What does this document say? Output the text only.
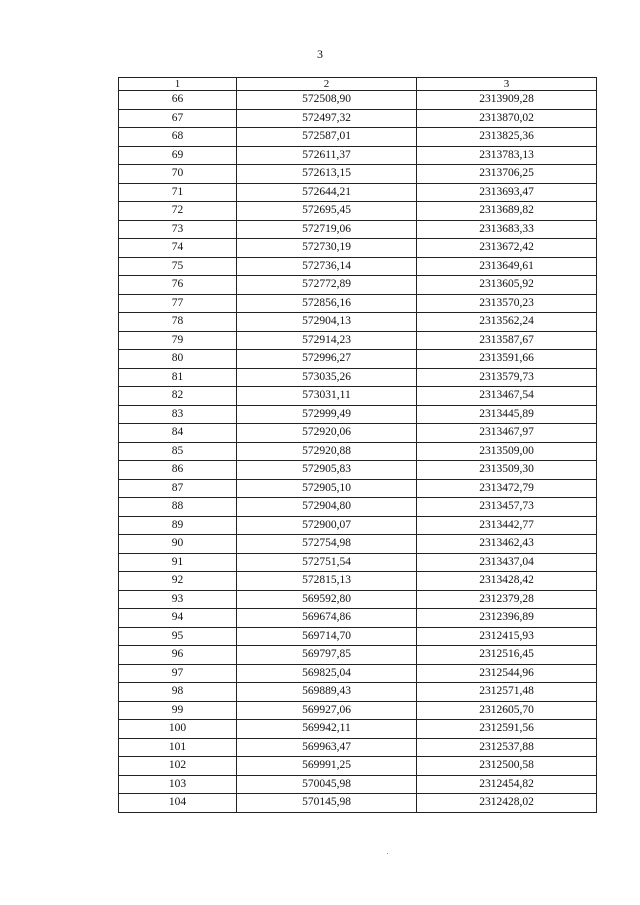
3
1	2	3
66	572508,90	2313909,28
67	572497,32	2313870,02
68	572587,01	2313825,36
69	572611,37	2313783,13
70	572613,15	2313706,25
71	572644,21	2313693,47
72	572695,45	2313689,82
73	572719,06	2313683,33
74	572730,19	2313672,42
75	572736,14	2313649,61
76	572772,89	2313605,92
77	572856,16	2313570,23
78	572904,13	2313562,24
79	572914,23	2313587,67
80	572996,27	2313591,66
81	573035,26	2313579,73
82	573031,11	2313467,54
83	572999,49	2313445,89
84	572920,06	2313467,97
85	572920,88	2313509,00
86	572905,83	2313509,30
87	572905,10	2313472,79
88	572904,80	2313457,73
89	572900,07	2313442,77
90	572754,98	2313462,43
91	572751,54	2313437,04
92	572815,13	2313428,42
93	569592,80	2312379,28
94	569674,86	2312396,89
95	569714,70	2312415,93
96	569797,85	2312516,45
97	569825,04	2312544,96
98	569889,43	2312571,48
99	569927,06	2312605,70
100	569942,11	2312591,56
101	569963,47	2312537,88
102	569991,25	2312500,58
103	570045,98	2312454,82
104	570145,98	2312428,02
